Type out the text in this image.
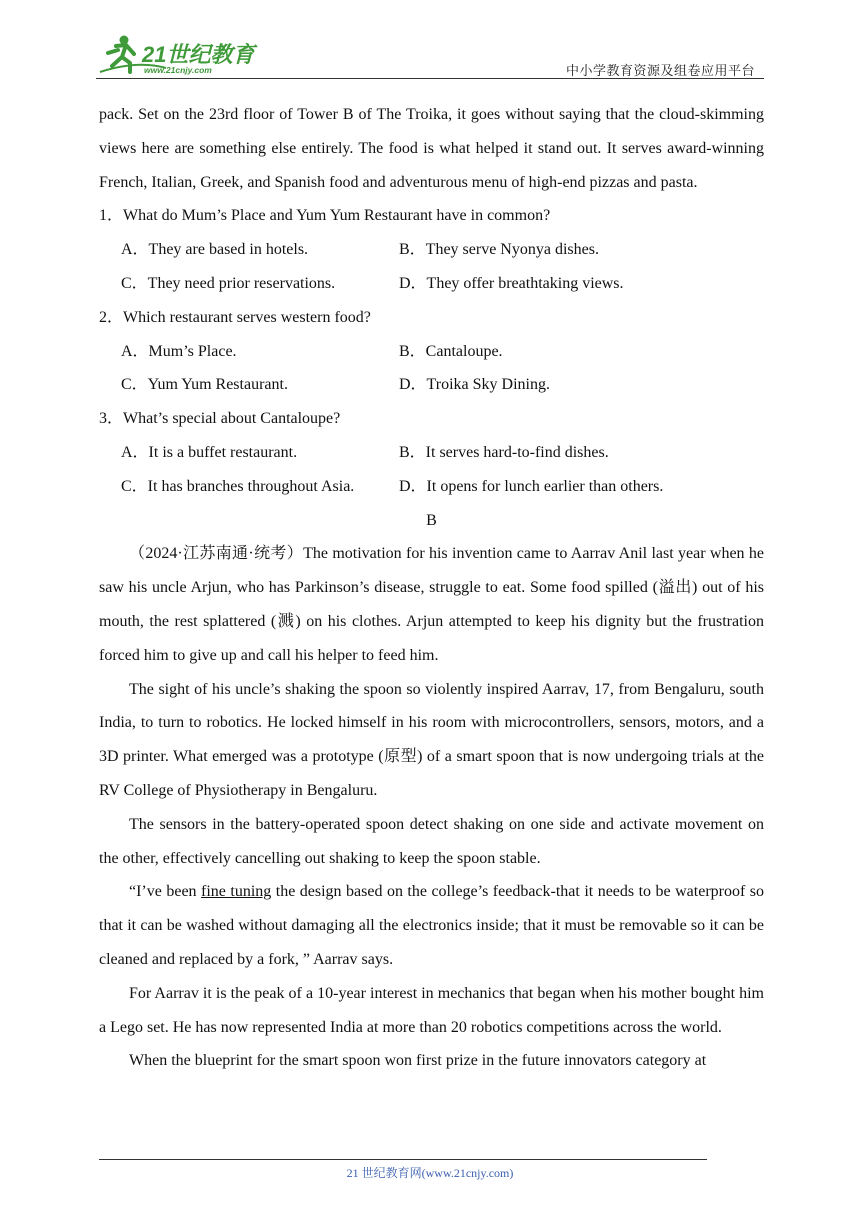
21世纪教育
www.21cnjy.com	中小学教育资源及组卷应用平台

pack. Set on the 23rd floor of Tower B of The Troika, it goes without saying that the cloud-skimming views here are something else entirely. The food is what helped it stand out. It serves award-winning French, Italian, Greek, and Spanish food and adventurous menu of high-end pizzas and pasta.

1．What do Mum’s Place and Yum Yum Restaurant have in common?

A．They are based in hotels.	B．They serve Nyonya dishes.
C．They need prior reservations.	D．They offer breathtaking views.

2．Which restaurant serves western food?

A．Mum’s Place.	B．Cantaloupe.
C．Yum Yum Restaurant.	D．Troika Sky Dining.

3．What’s special about Cantaloupe?

A．It is a buffet restaurant.	B．It serves hard-to-find dishes.
C．It has branches throughout Asia.	D．It opens for lunch earlier than others.
B

（2024·江苏南通·统考）The motivation for his invention came to Aarrav Anil last year when he saw his uncle Arjun, who has Parkinson’s disease, struggle to eat. Some food spilled (溢出) out of his mouth, the rest splattered (溅) on his clothes. Arjun attempted to keep his dignity but the frustration forced him to give up and call his helper to feed him.

The sight of his uncle’s shaking the spoon so violently inspired Aarrav, 17, from Bengaluru, south India, to turn to robotics. He locked himself in his room with microcontrollers, sensors, motors, and a 3D printer. What emerged was a prototype (原型) of a smart spoon that is now undergoing trials at the RV College of Physiotherapy in Bengaluru.

The sensors in the battery-operated spoon detect shaking on one side and activate movement on the other, effectively cancelling out shaking to keep the spoon stable.

“I’ve been fine tuning the design based on the college’s feedback-that it needs to be waterproof so that it can be washed without damaging all the electronics inside; that it must be removable so it can be cleaned and replaced by a fork, ” Aarrav says.

For Aarrav it is the peak of a 10-year interest in mechanics that began when his mother bought him a Lego set. He has now represented India at more than 20 robotics competitions across the world.

When the blueprint for the smart spoon won first prize in the future innovators category at

21 世纪教育网(www.21cnjy.com)
